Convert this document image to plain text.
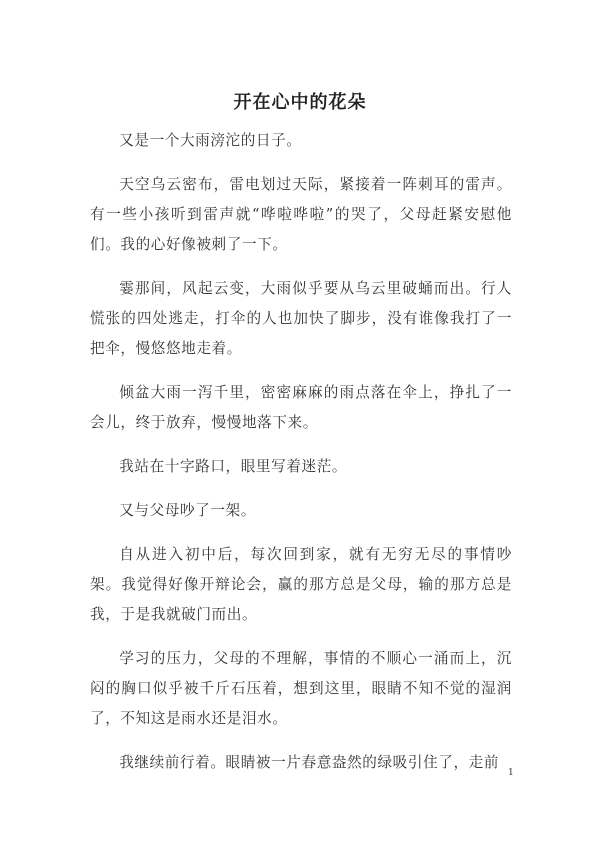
开在心中的花朵

又是一个大雨滂沱的日子。

天空乌云密布，雷电划过天际，紧接着一阵刺耳的雷声。有一些小孩听到雷声就“哗啦哗啦”的哭了，父母赶紧安慰他们。我的心好像被刺了一下。

霎那间，风起云变，大雨似乎要从乌云里破蛹而出。行人慌张的四处逃走，打伞的人也加快了脚步，没有谁像我打了一把伞，慢悠悠地走着。

倾盆大雨一泻千里，密密麻麻的雨点落在伞上，挣扎了一会儿，终于放弃，慢慢地落下来。

我站在十字路口，眼里写着迷茫。

又与父母吵了一架。

自从进入初中后，每次回到家，就有无穷无尽的事情吵架。我觉得好像开辩论会，赢的那方总是父母，输的那方总是我，于是我就破门而出。

学习的压力，父母的不理解，事情的不顺心一涌而上，沉闷的胸口似乎被千斤石压着，想到这里，眼睛不知不觉的湿润了，不知这是雨水还是泪水。

我继续前行着。眼睛被一片春意盎然的绿吸引住了，走前

1
